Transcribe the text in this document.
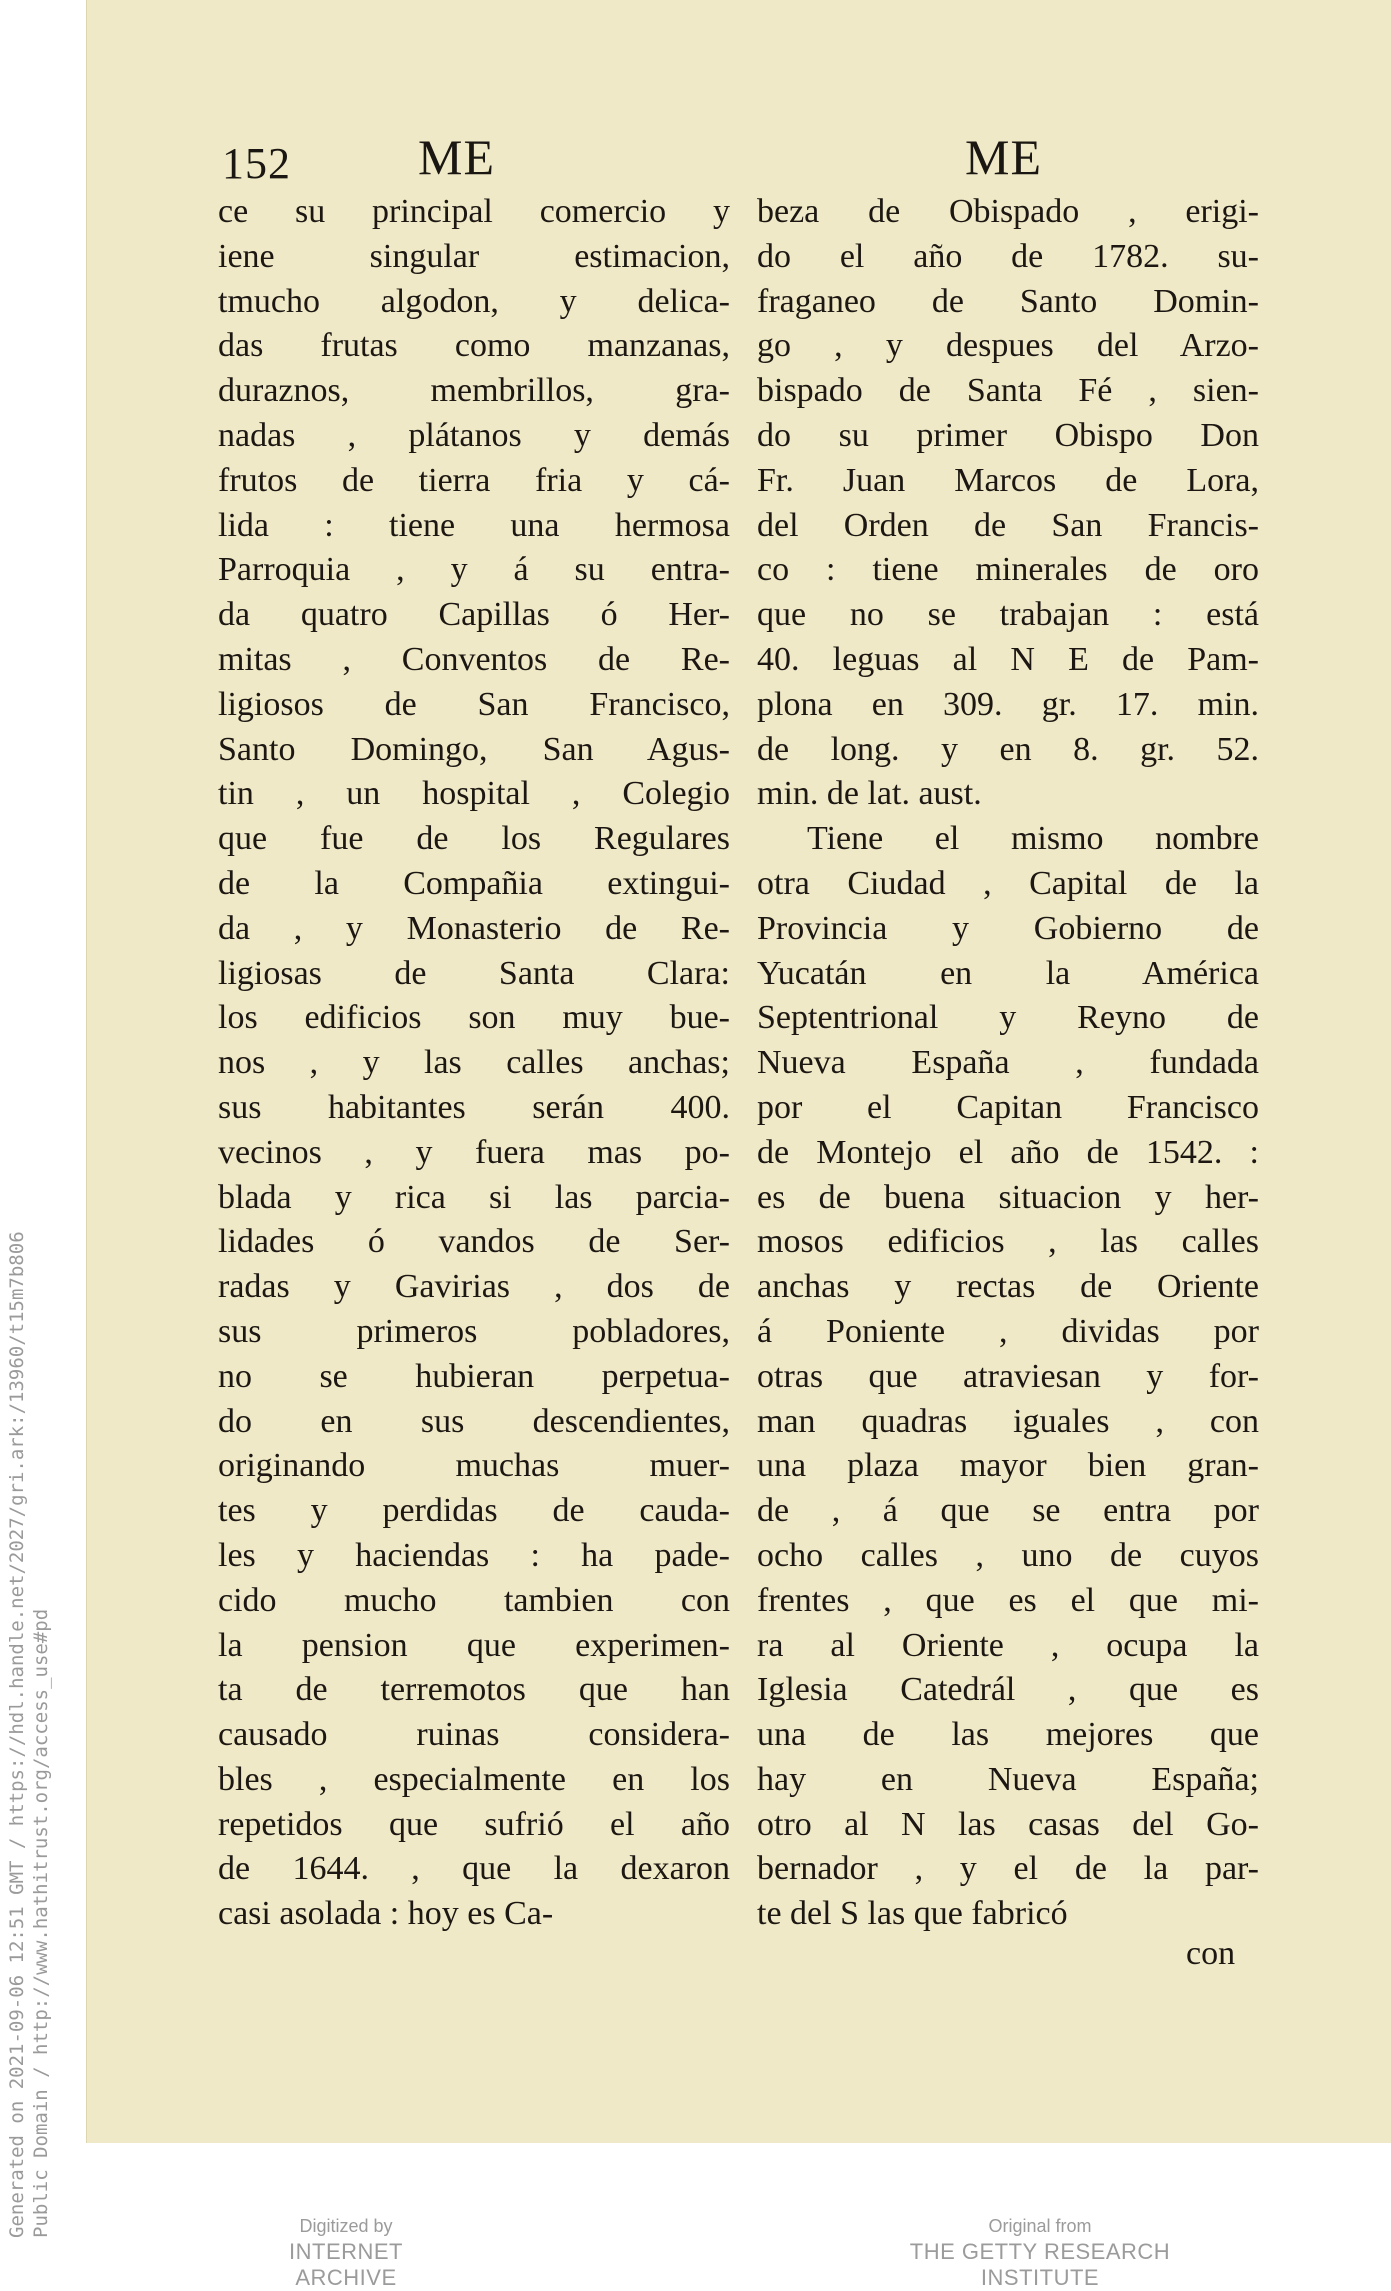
Generated on 2021-09-06 12:51 GMT / https://hdl.handle.net/2027/gri.ark:/13960/t15m7b806 Public Domain / http://www.hathitrust.org/access_use#pd
152	ME	ME
ce su principal comercio y
iene singular estimacion,
tmucho algodon, y delica-
das frutas como manzanas,
duraznos, membrillos, gra-
nadas , plátanos y demás
frutos de tierra fria y cá-
lida : tiene una hermosa
Parroquia , y á su entra-
da quatro Capillas ó Her-
mitas , Conventos de Re-
ligiosos de San Francisco,
Santo Domingo, San Agus-
tin , un hospital , Colegio
que fue de los Regulares
de la Compañia extingui-
da , y Monasterio de Re-
ligiosas de Santa Clara:
los edificios son muy bue-
nos , y las calles anchas;
sus habitantes serán 400.
vecinos , y fuera mas po-
blada y rica si las parcia-
lidades ó vandos de Ser-
radas y Gavirias , dos de
sus primeros pobladores,
no se hubieran perpetua-
do en sus descendientes,
originando muchas muer-
tes y perdidas de cauda-
les y haciendas : ha pade-
cido mucho tambien con
la pension que experimen-
ta de terremotos que han
causado ruinas considera-
bles , especialmente en los
repetidos que sufrió el año
de 1644. , que la dexaron
casi asolada : hoy es Ca-
beza de Obispado , erigi-
do el año de 1782. su-
fraganeo de Santo Domin-
go , y despues del Arzo-
bispado de Santa Fé , sien-
do su primer Obispo Don
Fr. Juan Marcos de Lora,
del Orden de San Francis-
co : tiene minerales de oro
que no se trabajan : está
40. leguas al N E de Pam-
plona en 309. gr. 17. min.
de long. y en 8. gr. 52.
min. de lat. aust.
Tiene el mismo nombre
otra Ciudad , Capital de la
Provincia y Gobierno de
Yucatán en la América
Septentrional y Reyno de
Nueva España , fundada
por el Capitan Francisco
de Montejo el año de 1542. :
es de buena situacion y her-
mosos edificios , las calles
anchas y rectas de Oriente
á Poniente , dividas por
otras que atraviesan y for-
man quadras iguales , con
una plaza mayor bien gran-
de , á que se entra por
ocho calles , uno de cuyos
frentes , que es el que mi-
ra al Oriente , ocupa la
Iglesia Catedrál , que es
una de las mejores que
hay en Nueva España;
otro al N las casas del Go-
bernador , y el de la par-
te del S las que fabricó
con
Digitized by
INTERNET ARCHIVE
Original from
THE GETTY RESEARCH INSTITUTE
